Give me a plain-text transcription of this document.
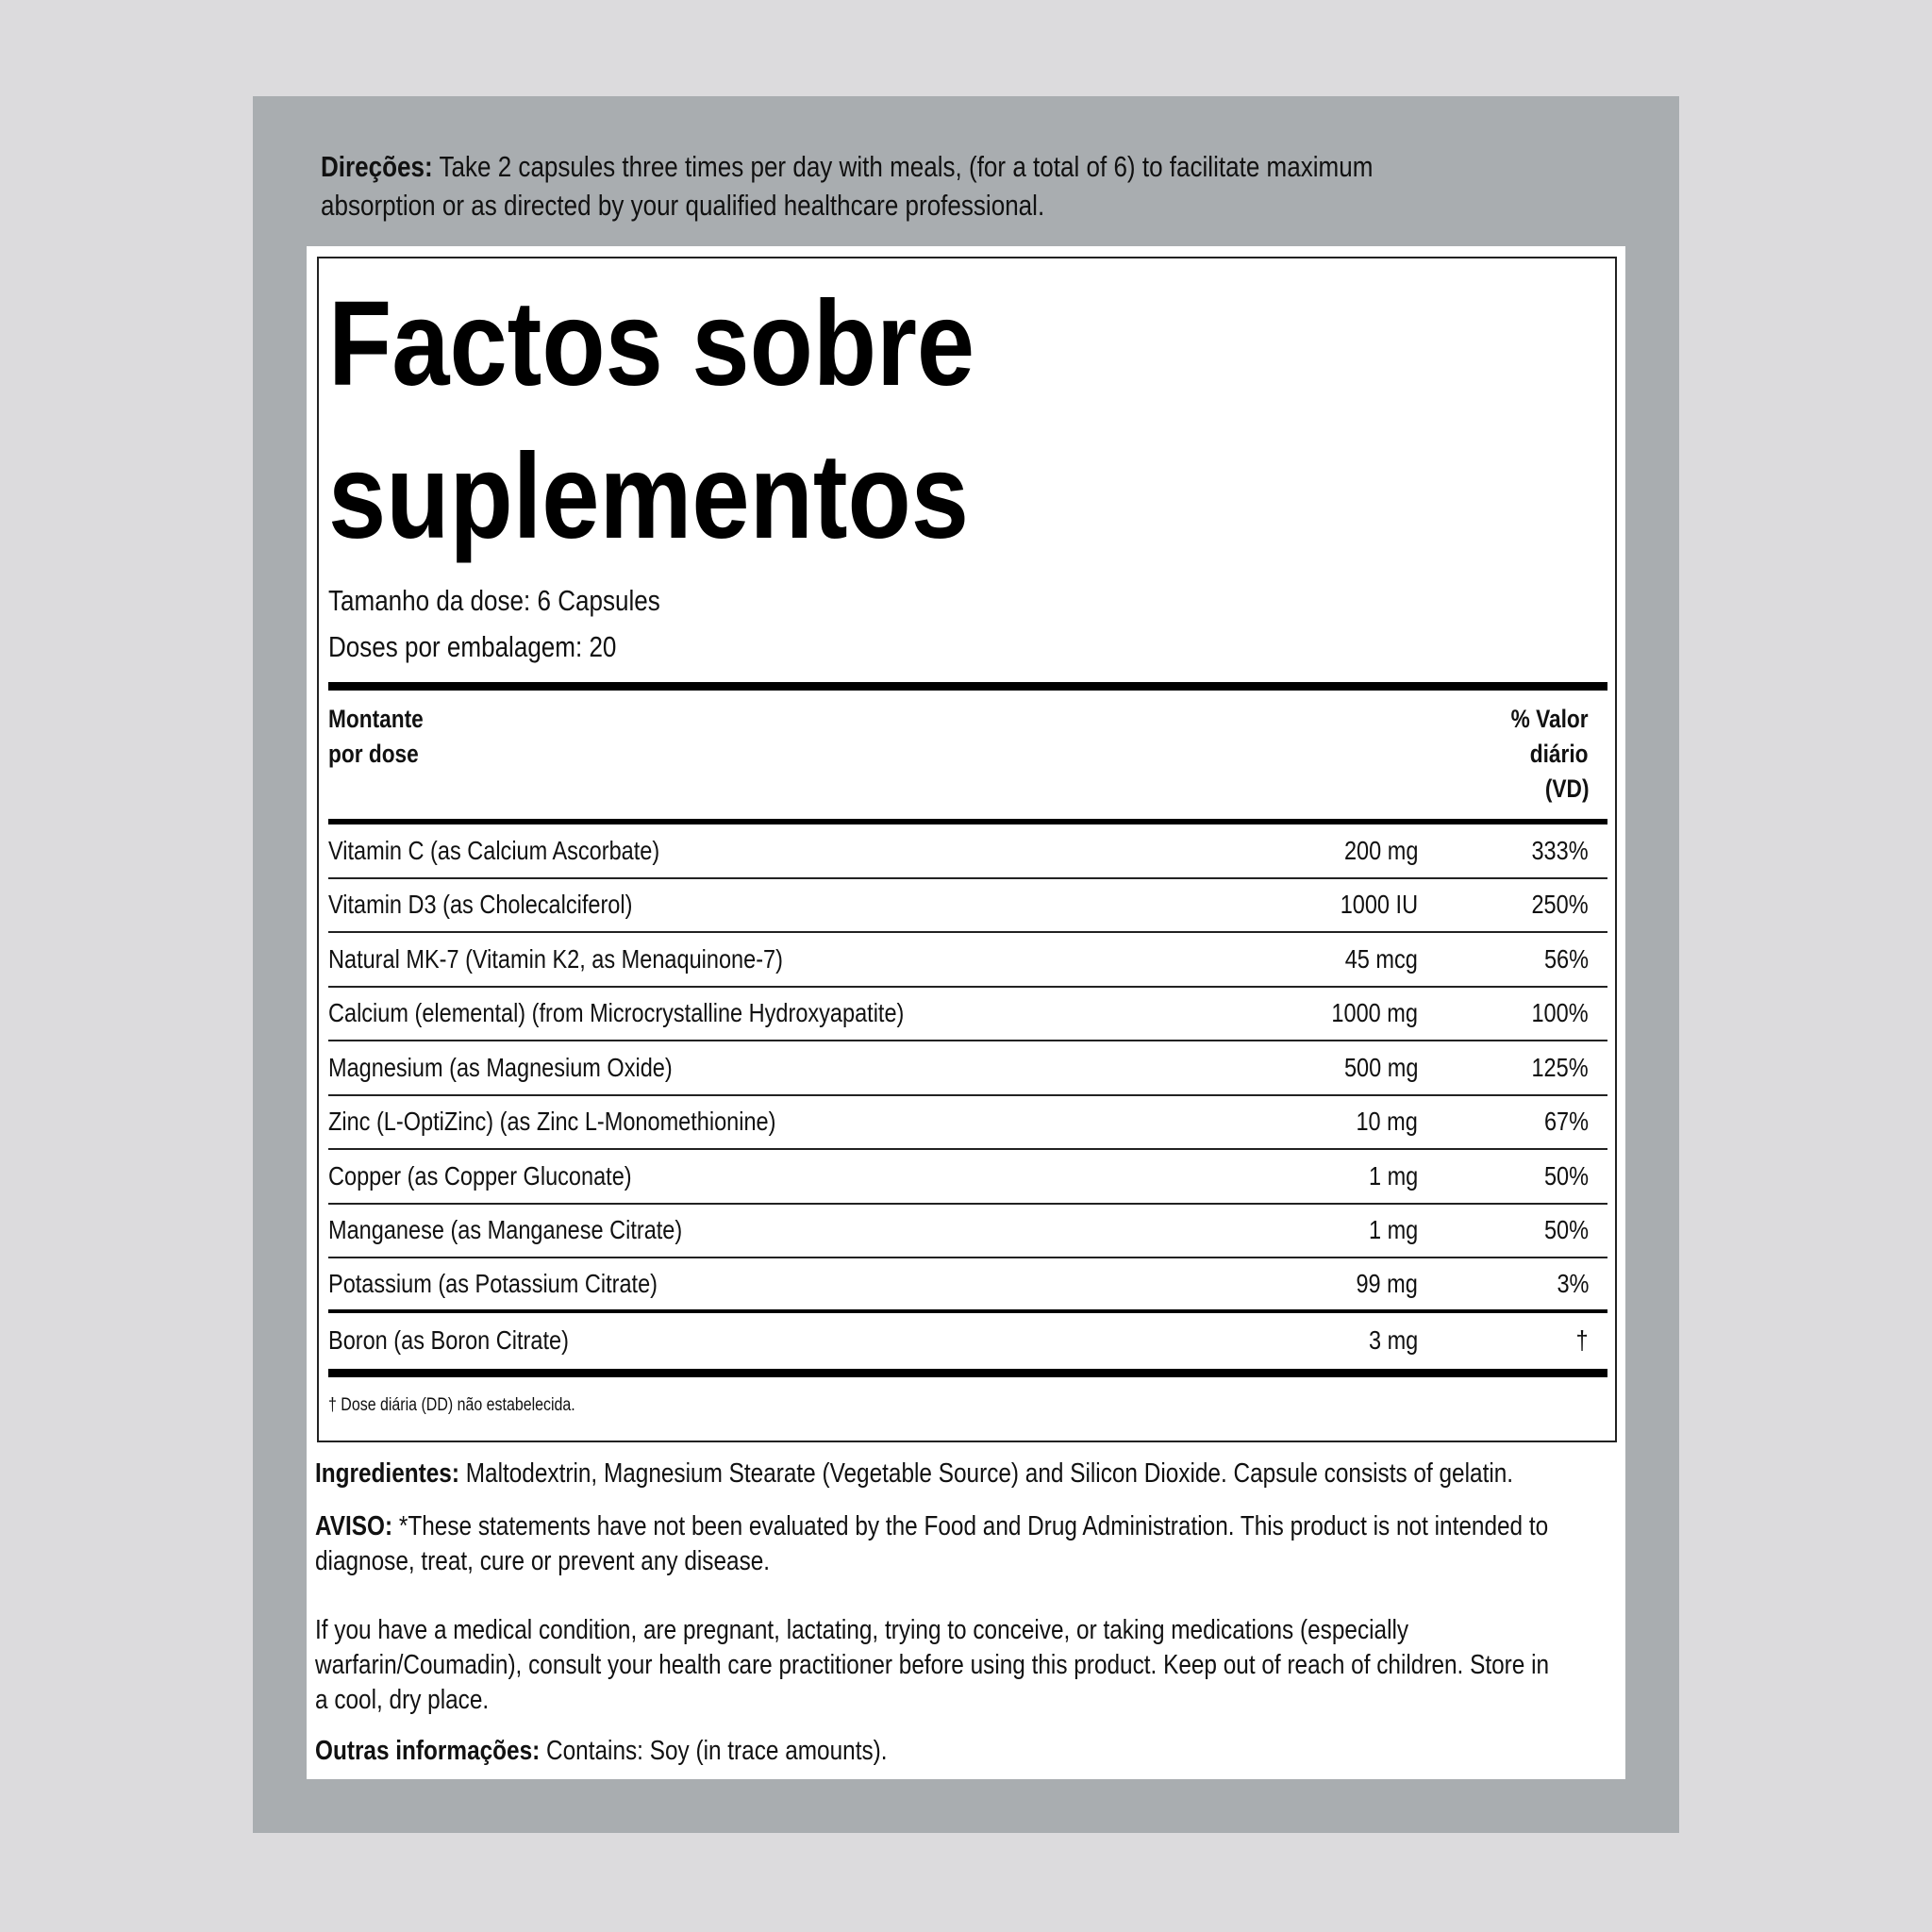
Direções: Take 2 capsules three times per day with meals, (for a total of 6) to facilitate maximum
absorption or as directed by your qualified healthcare professional.
Factos sobre
suplementos
Tamanho da dose: 6 Capsules
Doses por embalagem: 20
Montante
por dose
% Valor
diário
(VD)
Vitamin C (as Calcium Ascorbate)	200 mg	333%
Vitamin D3 (as Cholecalciferol)	1000 IU	250%
Natural MK-7 (Vitamin K2, as Menaquinone-7)	45 mcg	56%
Calcium (elemental) (from Microcrystalline Hydroxyapatite)	1000 mg	100%
Magnesium (as Magnesium Oxide)	500 mg	125%
Zinc (L-OptiZinc) (as Zinc L-Monomethionine)	10 mg	67%
Copper (as Copper Gluconate)	1 mg	50%
Manganese (as Manganese Citrate)	1 mg	50%
Potassium (as Potassium Citrate)	99 mg	3%
Boron (as Boron Citrate)	3 mg	†
† Dose diária (DD) não estabelecida.
Ingredientes: Maltodextrin, Magnesium Stearate (Vegetable Source) and Silicon Dioxide. Capsule consists of gelatin.
AVISO: *These statements have not been evaluated by the Food and Drug Administration. This product is not intended to
diagnose, treat, cure or prevent any disease.
If you have a medical condition, are pregnant, lactating, trying to conceive, or taking medications (especially
warfarin/Coumadin), consult your health care practitioner before using this product. Keep out of reach of children. Store in
a cool, dry place.
Outras informações: Contains: Soy (in trace amounts).
